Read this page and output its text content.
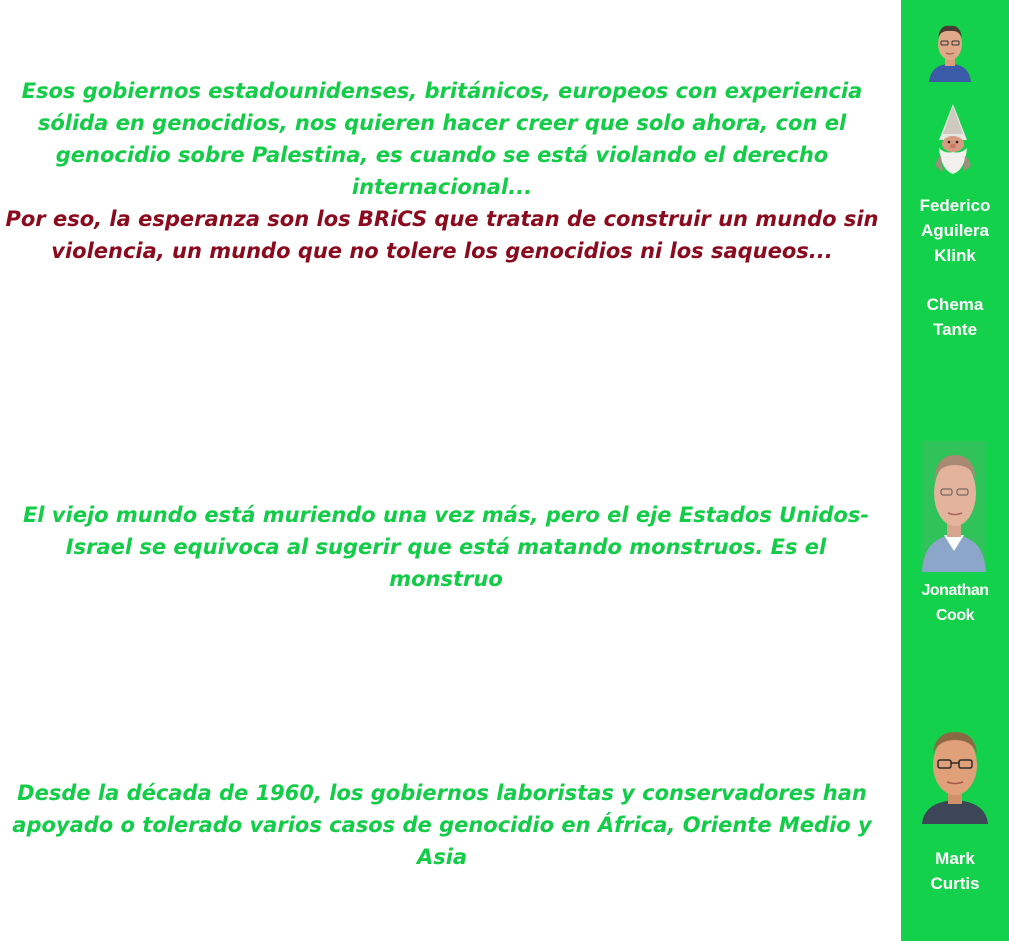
Esos gobiernos estadounidenses, británicos, europeos con experiencia sólida en genocidios, nos quieren hacer creer que solo ahora, con el genocidio sobre Palestina, es cuando se está violando el derecho internacional...

Por eso, la esperanza son los BRiCS que tratan de construir un mundo sin violencia, un mundo que no tolere los genocidios ni los saqueos...

El viejo mundo está muriendo una vez más, pero el eje Estados Unidos-Israel se equivoca al sugerir que está matando monstruos. Es el monstruo

Desde la década de 1960, los gobiernos laboristas y conservadores han apoyado o tolerado varios casos de genocidio en África, Oriente Medio y Asia

Federico
Aguilera
Klink
Chema
Tante
Jonathan
Cook
Mark
Curtis
